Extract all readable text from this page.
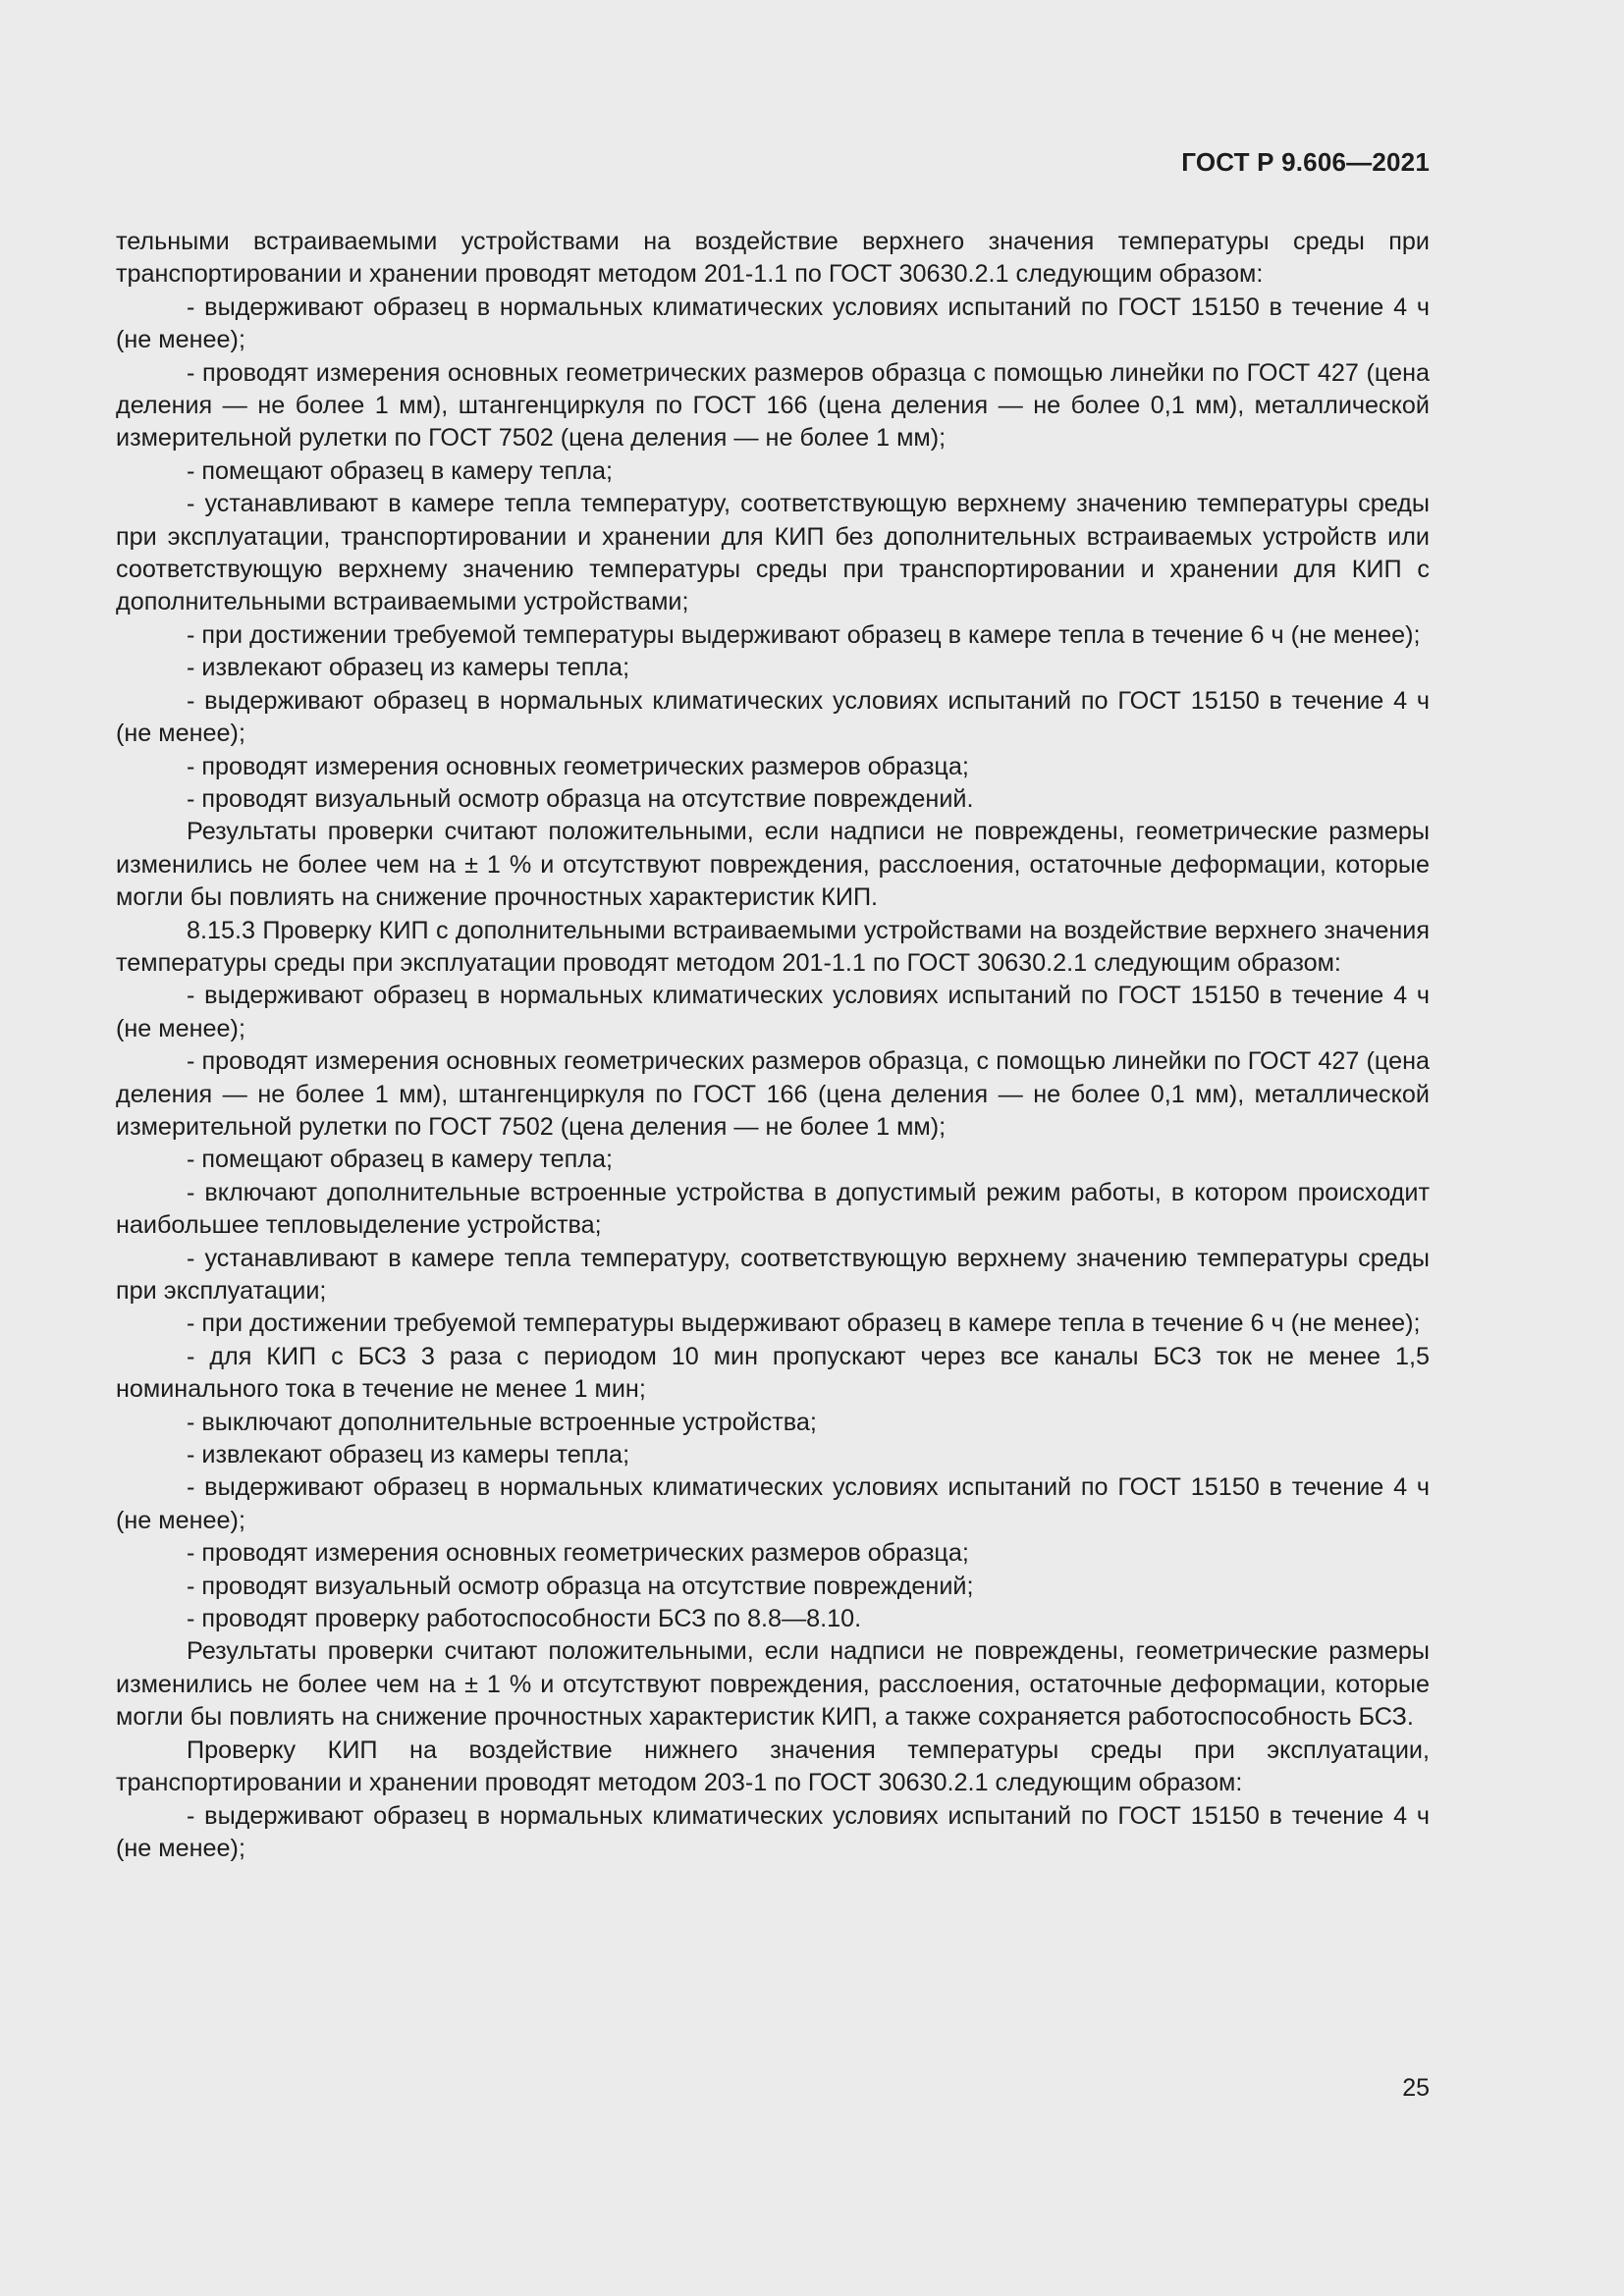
ГОСТ Р 9.606—2021

тельными встраиваемыми устройствами на воздействие верхнего значения температуры среды при транспортировании и хранении проводят методом 201-1.1 по ГОСТ 30630.2.1 следующим образом:

- выдерживают образец в нормальных климатических условиях испытаний по ГОСТ 15150 в течение 4 ч (не менее);

- проводят измерения основных геометрических размеров образца с помощью линейки по ГОСТ 427 (цена деления — не более 1 мм), штангенциркуля по ГОСТ 166 (цена деления — не более 0,1 мм), металлической измерительной рулетки по ГОСТ 7502 (цена деления — не более 1 мм);

- помещают образец в камеру тепла;

- устанавливают в камере тепла температуру, соответствующую верхнему значению температуры среды при эксплуатации, транспортировании и хранении для КИП без дополнительных встраиваемых устройств или соответствующую верхнему значению температуры среды при транспортировании и хранении для КИП с дополнительными встраиваемыми устройствами;

- при достижении требуемой температуры выдерживают образец в камере тепла в течение 6 ч (не менее);

- извлекают образец из камеры тепла;

- выдерживают образец в нормальных климатических условиях испытаний по ГОСТ 15150 в течение 4 ч (не менее);

- проводят измерения основных геометрических размеров образца;

- проводят визуальный осмотр образца на отсутствие повреждений.

Результаты проверки считают положительными, если надписи не повреждены, геометрические размеры изменились не более чем на ± 1 % и отсутствуют повреждения, расслоения, остаточные деформации, которые могли бы повлиять на снижение прочностных характеристик КИП.

8.15.3 Проверку КИП с дополнительными встраиваемыми устройствами на воздействие верхнего значения температуры среды при эксплуатации проводят методом 201-1.1 по ГОСТ 30630.2.1 следующим образом:

- выдерживают образец в нормальных климатических условиях испытаний по ГОСТ 15150 в течение 4 ч (не менее);

- проводят измерения основных геометрических размеров образца, с помощью линейки по ГОСТ 427 (цена деления — не более 1 мм), штангенциркуля по ГОСТ 166 (цена деления — не более 0,1 мм), металлической измерительной рулетки по ГОСТ 7502 (цена деления — не более 1 мм);

- помещают образец в камеру тепла;

- включают дополнительные встроенные устройства в допустимый режим работы, в котором происходит наибольшее тепловыделение устройства;

- устанавливают в камере тепла температуру, соответствующую верхнему значению температуры среды при эксплуатации;

- при достижении требуемой температуры выдерживают образец в камере тепла в течение 6 ч (не менее);

- для КИП с БСЗ 3 раза с периодом 10 мин пропускают через все каналы БСЗ ток не менее 1,5 номинального тока в течение не менее 1 мин;

- выключают дополнительные встроенные устройства;

- извлекают образец из камеры тепла;

- выдерживают образец в нормальных климатических условиях испытаний по ГОСТ 15150 в течение 4 ч (не менее);

- проводят измерения основных геометрических размеров образца;

- проводят визуальный осмотр образца на отсутствие повреждений;

- проводят проверку работоспособности БСЗ по 8.8—8.10.

Результаты проверки считают положительными, если надписи не повреждены, геометрические размеры изменились не более чем на ± 1 % и отсутствуют повреждения, расслоения, остаточные деформации, которые могли бы повлиять на снижение прочностных характеристик КИП, а также сохраняется работоспособность БСЗ.

Проверку КИП на воздействие нижнего значения температуры среды при эксплуатации, транспортировании и хранении проводят методом 203-1 по ГОСТ 30630.2.1 следующим образом:

- выдерживают образец в нормальных климатических условиях испытаний по ГОСТ 15150 в течение 4 ч (не менее);

25
